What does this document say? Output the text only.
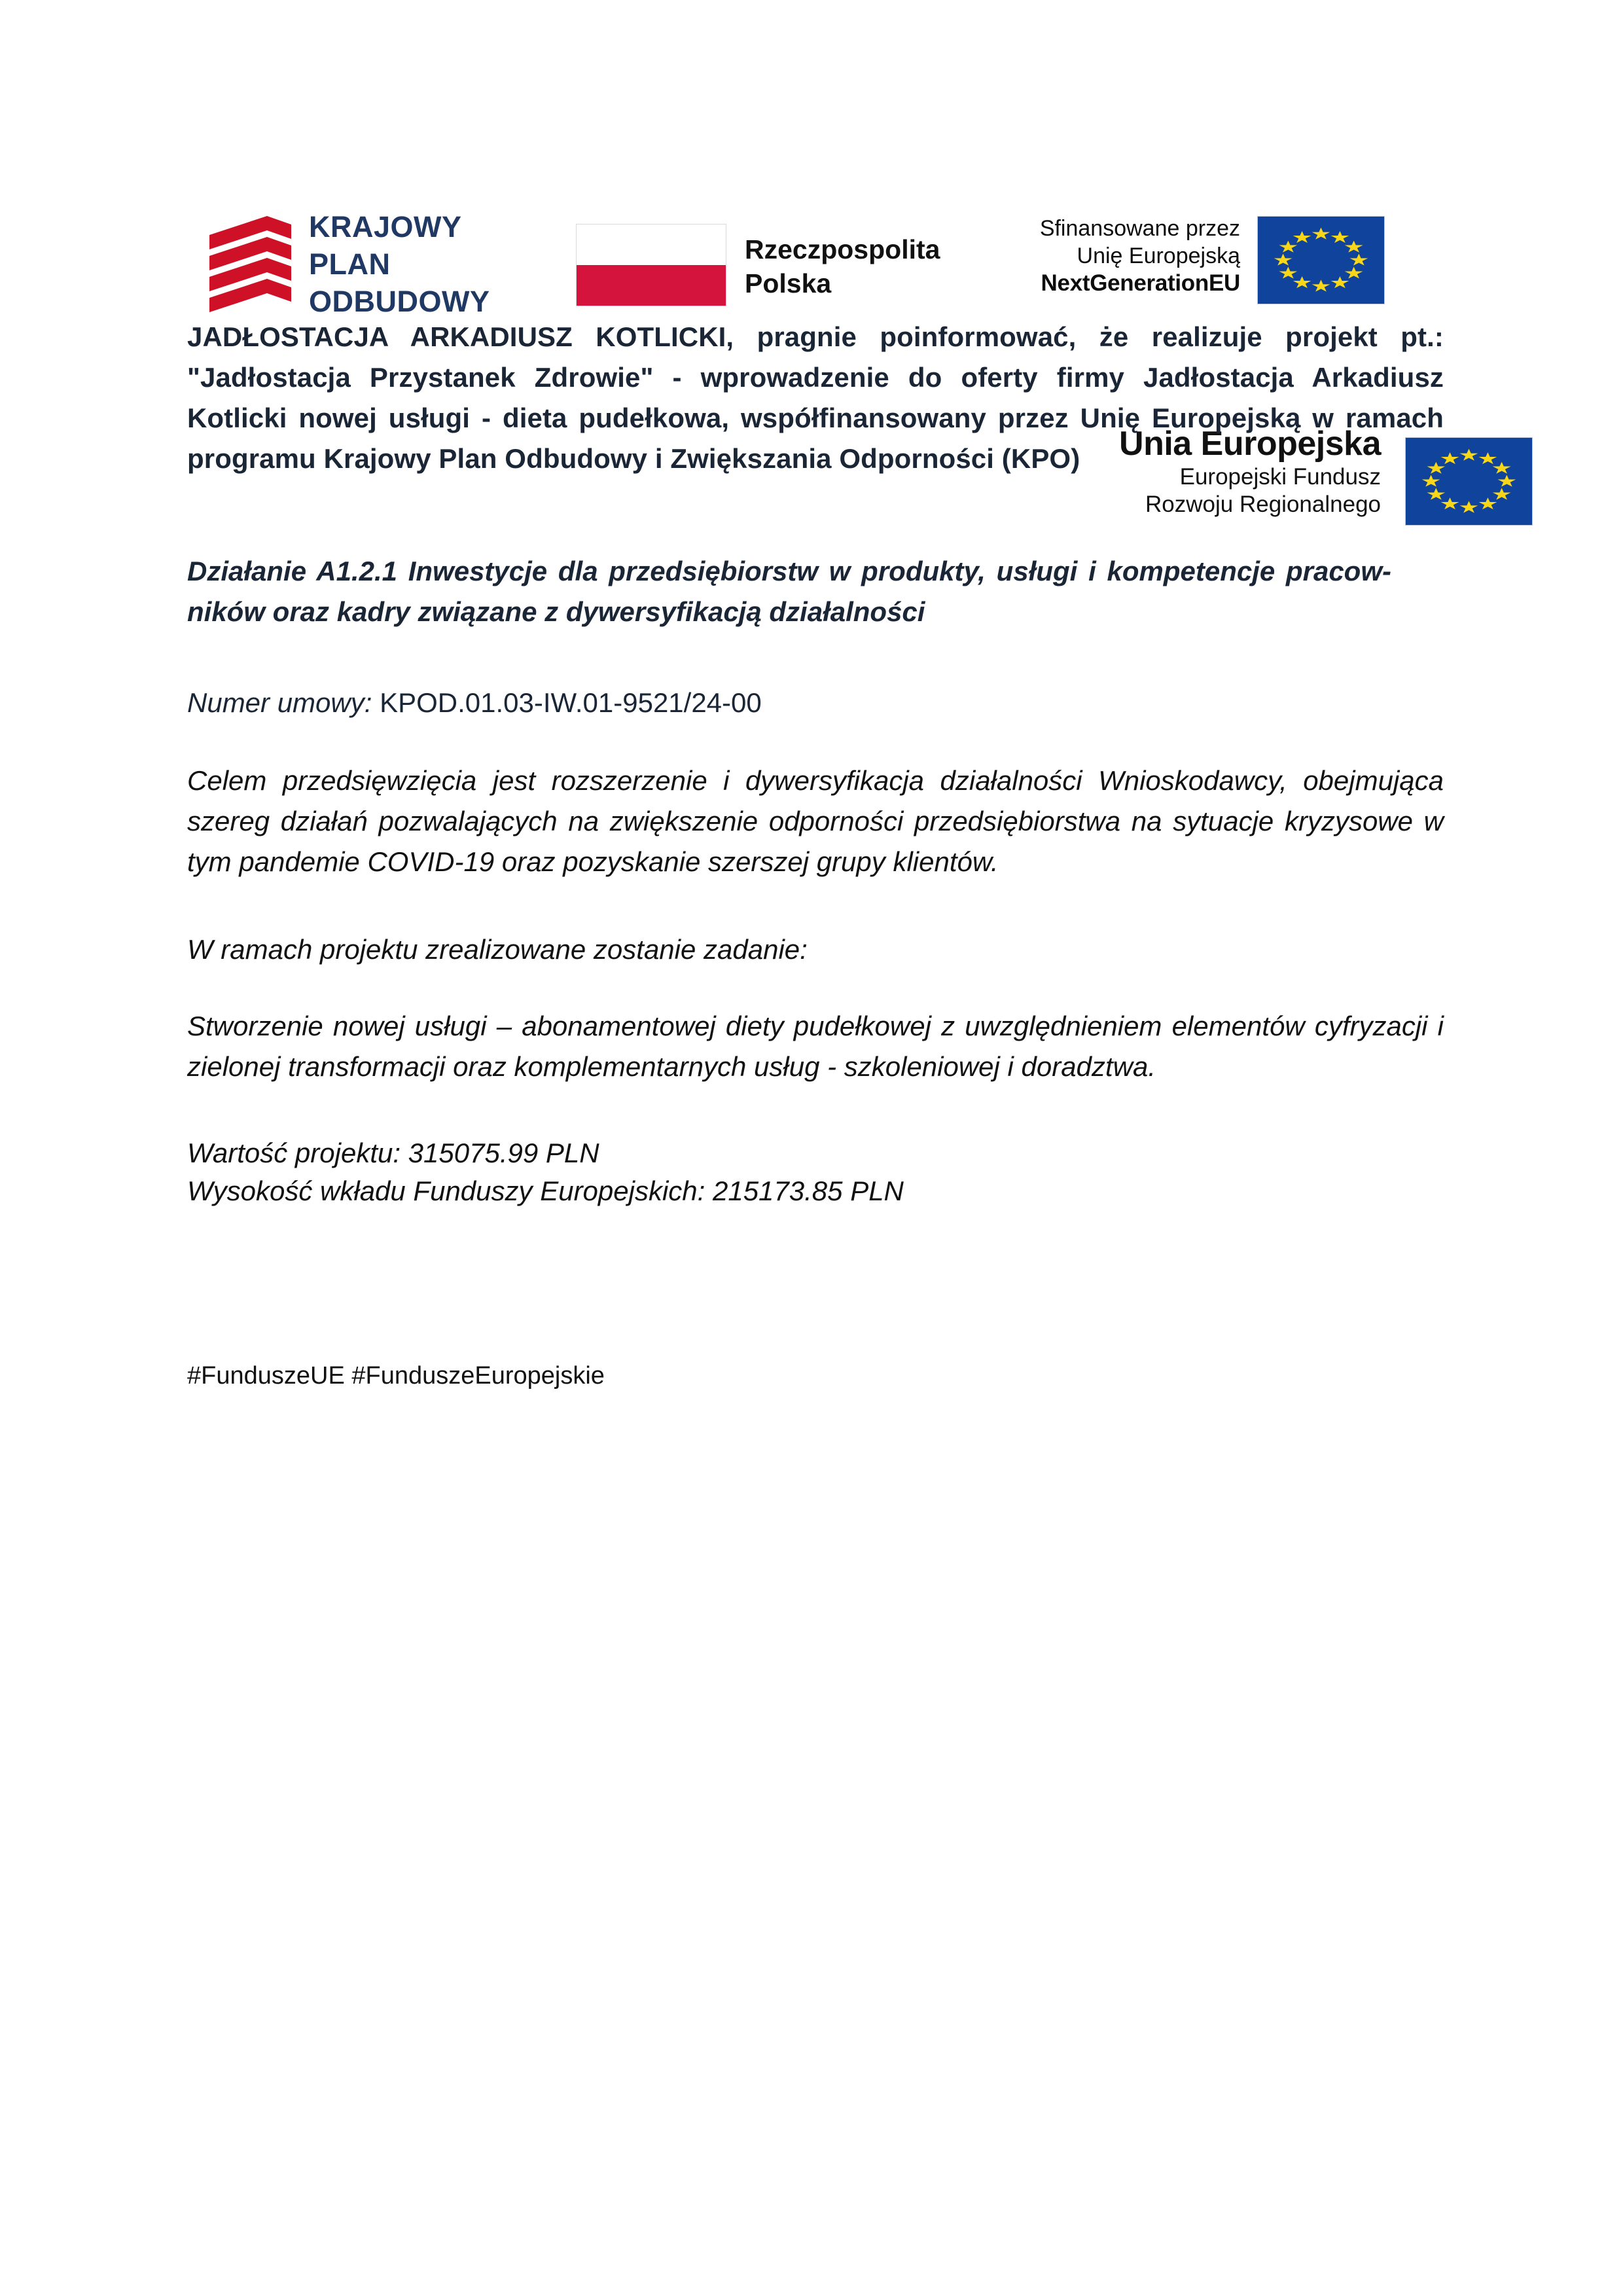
KRAJOWY
PLAN
ODBUDOWY
Rzeczpospolita
Polska
Sfinansowane przez
Unię Europejską
NextGenerationEU
Unia Europejska
Europejski Fundusz
Rozwoju Regionalnego

JADŁOSTACJA ARKADIUSZ KOTLICKI, pragnie poinformować, że realizuje projekt pt.: "Jadłostacja Przystanek Zdrowie" - wprowadzenie do oferty firmy Jadłostacja Arkadiusz Kotlicki nowej usługi - dieta pudełkowa, współfinansowany przez Unię Europejską w ramach programu Krajowy Plan Odbudowy i Zwiększania Odporności (KPO)

Działanie A1.2.1 Inwestycje dla przedsiębiorstw w produkty, usługi i kompetencje pracow-ników oraz kadry związane z dywersyfikacją działalności

Numer umowy: KPOD.01.03-IW.01-9521/24-00

Celem przedsięwzięcia jest rozszerzenie i dywersyfikacja działalności Wnioskodawcy, obejmująca szereg działań pozwalających na zwiększenie odporności przedsiębiorstwa na sytuacje kryzysowe w tym pandemie COVID-19 oraz pozyskanie szerszej grupy klientów.

W ramach projektu zrealizowane zostanie zadanie:

Stworzenie nowej usługi – abonamentowej diety pudełkowej z uwzględnieniem elementów cyfryzacji i zielonej transformacji oraz komplementarnych usług - szkoleniowej i doradztwa.

Wartość projektu: 315075.99 PLN
Wysokość wkładu Funduszy Europejskich: 215173.85 PLN

#FunduszeUE #FunduszeEuropejskie
